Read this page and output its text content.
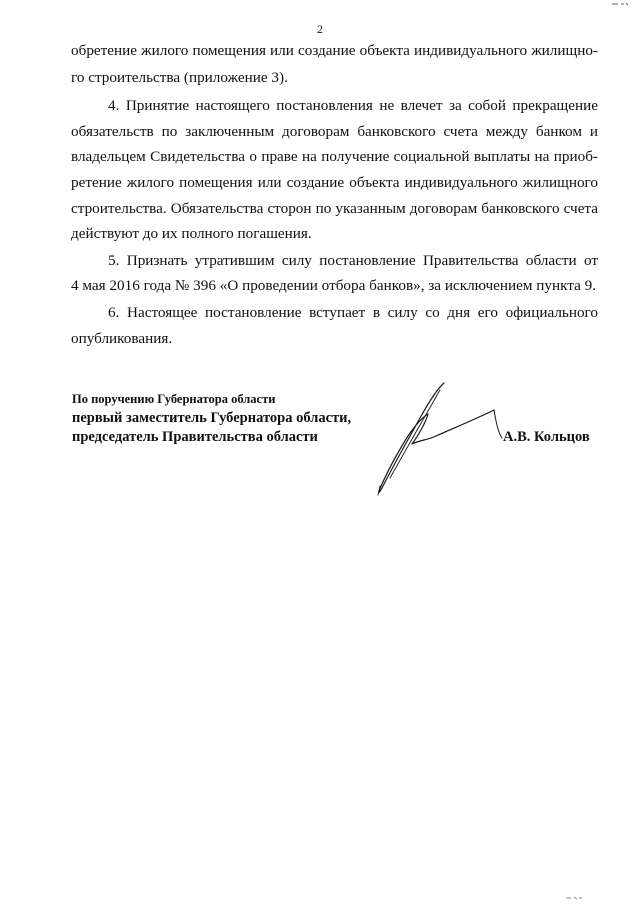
2
обретение жилого помещения или создание объекта индивидуального жилищно-
го строительства (приложение 3).
4. Принятие настоящего постановления не влечет за собой прекращение
обязательств по заключенным договорам банковского счета между банком и
владельцем Свидетельства о праве на получение социальной выплаты на приоб-
ретение жилого помещения или создание объекта индивидуального жилищного
строительства. Обязательства сторон по указанным договорам банковского счета
действуют до их полного погашения.
5. Признать утратившим силу постановление Правительства области от
4 мая 2016 года № 396 «О проведении отбора банков», за исключением пункта 9.
6. Настоящее постановление вступает в силу со дня его официального
опубликования.
По поручению Губернатора области
первый заместитель Губернатора области,
председатель Правительства области	А.В. Кольцов
